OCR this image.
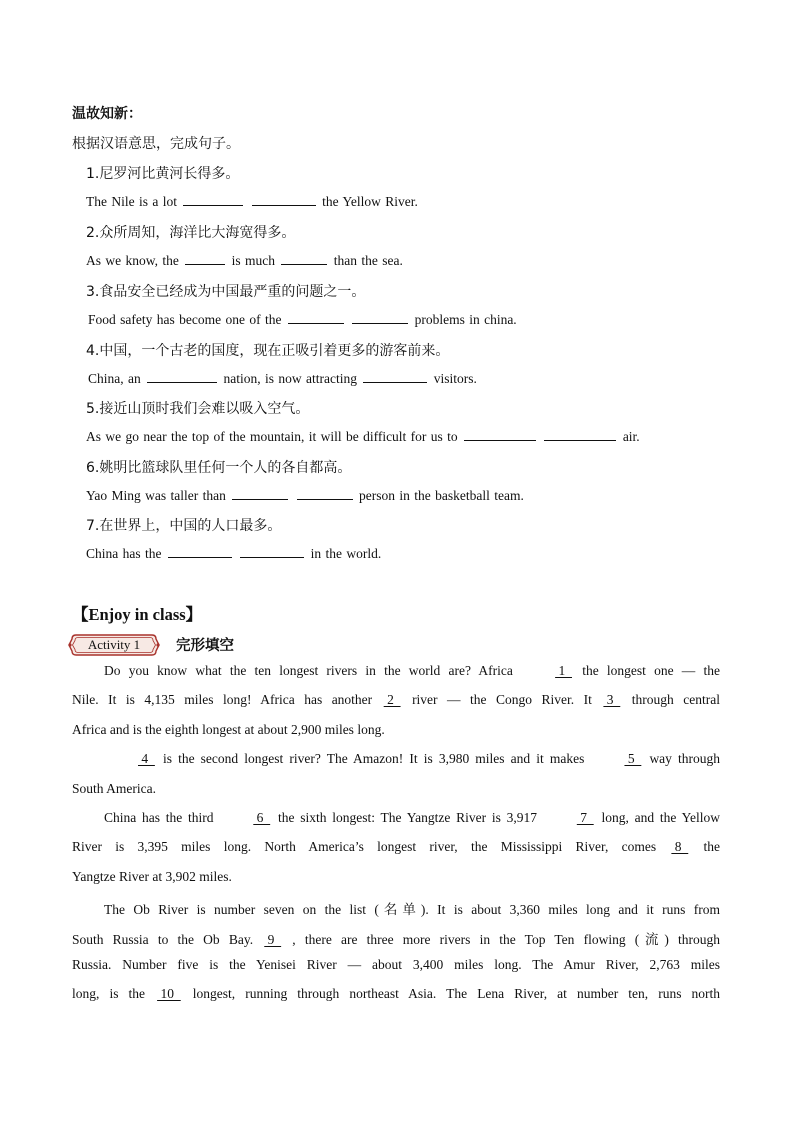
温故知新：
根据汉语意思，完成句子。
1.尼罗河比黄河长得多。
The Nile is a lot	the Yellow River.
2.众所周知，海洋比大海宽得多。
As we know, the	is much	than the sea.
3.食品安全已经成为中国最严重的问题之一。
Food safety has become one of the	problems in china.
4.中国，一个古老的国度，现在正吸引着更多的游客前来。
China, an	nation, is now attracting	visitors.
5.接近山顶时我们会难以吸入空气。
As we go near the top of the mountain, it will be difficult for us to	air.
6.姚明比篮球队里任何一个人的各自都高。
Yao Ming was taller than	person in the basketball team.
7.在世界上，中国的人口最多。
China has the	in the world.
【Enjoy in class】
Activity 1	完形填空
Do you know what the ten longest rivers in the world are? Africa	1   the longest one — the
Nile. It is 4,135 miles long! Africa has another  2   river — the Congo River. It  3   through central
Africa and is the eighth longest at about 2,900 miles long.
4   is the second longest river? The Amazon! It is 3,980 miles and it makes	5   way through
South America.
China has the third	6   the sixth longest: The Yangtze River is 3,917	7   long, and the Yellow
River is 3,395 miles long. North America’s longest river, the Mississippi River, comes  8   the
Yangtze River at 3,902 miles.
The Ob River is number seven on the list (名单). It is about 3,360 miles long and it runs from
South Russia to the Ob Bay.  9   , there are three more rivers in the Top Ten flowing (流) through
Russia. Number five is the Yenisei River — about 3,400 miles long. The Amur River, 2,763 miles
long, is the  10   longest, running through northeast Asia. The Lena River, at number ten, runs north
